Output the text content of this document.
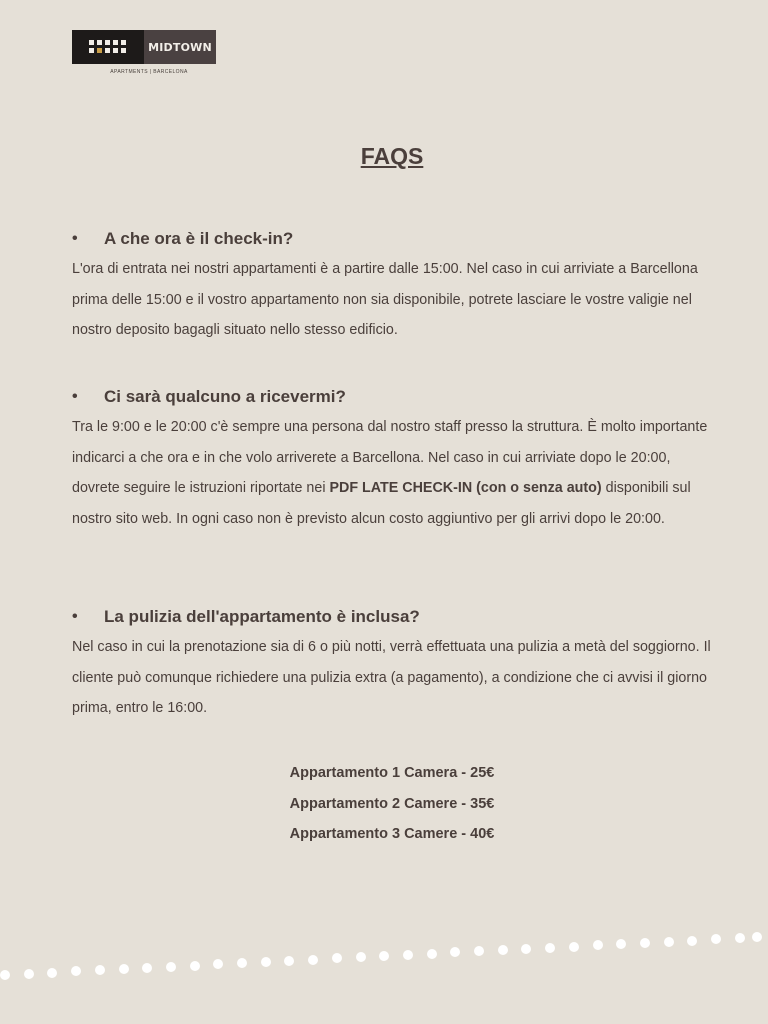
MIDTOWN
APARTMENTS | BARCELONA
FAQS
•	A che ora è il check-in?
L'ora di entrata nei nostri appartamenti è a partire dalle 15:00. Nel caso in cui arriviate a Barcellona prima delle 15:00 e il vostro appartamento non sia disponibile, potrete lasciare le vostre valigie nel nostro deposito bagagli situato nello stesso edificio.
•	Ci sarà qualcuno a ricevermi?
Tra le 9:00 e le 20:00 c'è sempre una persona dal nostro staff presso la struttura. È molto importante indicarci a che ora e in che volo arriverete a Barcellona. Nel caso in cui arriviate dopo le 20:00, dovrete seguire le istruzioni riportate nei PDF LATE CHECK-IN (con o senza auto) disponibili sul nostro sito web. In ogni caso non è previsto alcun costo aggiuntivo per gli arrivi dopo le 20:00.
•	La pulizia dell'appartamento è inclusa?
Nel caso in cui la prenotazione sia di 6 o più notti, verrà effettuata una pulizia a metà del soggiorno. Il cliente può comunque richiedere una pulizia extra (a pagamento), a condizione che ci avvisi il giorno prima, entro le 16:00.
Appartamento 1 Camera - 25€
Appartamento 2 Camere - 35€
Appartamento 3 Camere - 40€
